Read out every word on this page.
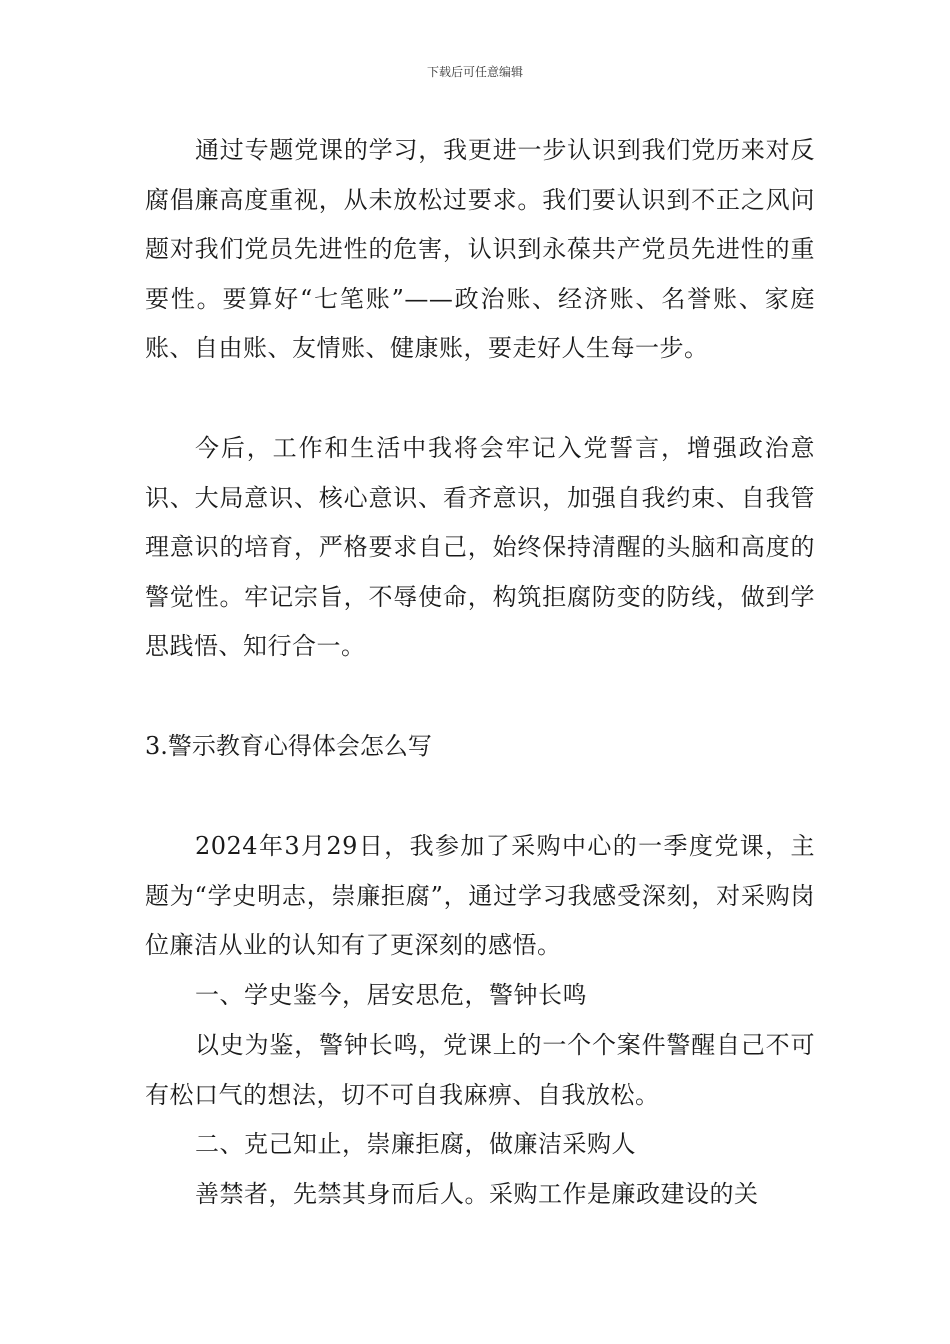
下载后可任意编辑

通过专题党课的学习，我更进一步认识到我们党历来对反腐倡廉高度重视，从未放松过要求。我们要认识到不正之风问题对我们党员先进性的危害，认识到永葆共产党员先进性的重要性。要算好“七笔账”——政治账、经济账、名誉账、家庭账、自由账、友情账、健康账，要走好人生每一步。

今后，工作和生活中我将会牢记入党誓言，增强政治意识、大局意识、核心意识、看齐意识，加强自我约束、自我管理意识的培育，严格要求自己，始终保持清醒的头脑和高度的警觉性。牢记宗旨，不辱使命，构筑拒腐防变的防线，做到学思践悟、知行合一。

3.警示教育心得体会怎么写

2024年3月29日，我参加了采购中心的一季度党课，主题为“学史明志，崇廉拒腐”，通过学习我感受深刻，对采购岗位廉洁从业的认知有了更深刻的感悟。

一、学史鉴今，居安思危，警钟长鸣

以史为鉴，警钟长鸣，党课上的一个个案件警醒自己不可有松口气的想法，切不可自我麻痹、自我放松。

二、克己知止，崇廉拒腐，做廉洁采购人

善禁者，先禁其身而后人。采购工作是廉政建设的关
